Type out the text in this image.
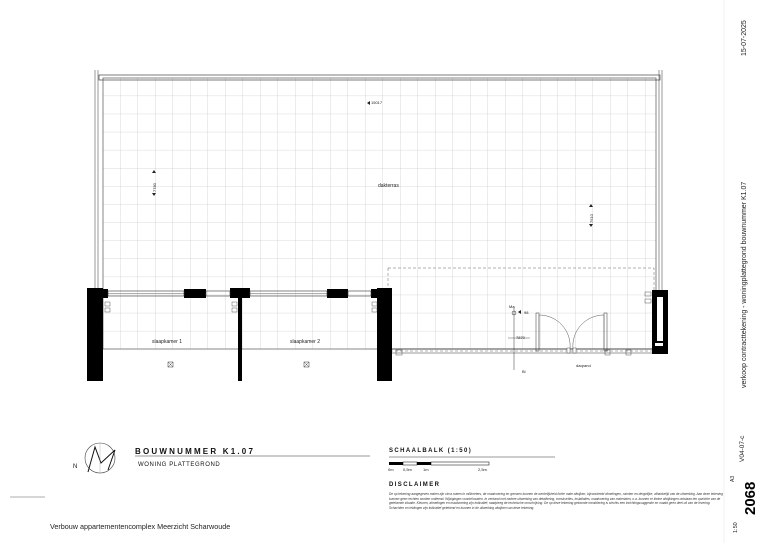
dakterras
slaapkamer 1	slaapkamer 2
daqrand
15017
7780
7510
7870
Ma
98
Bl
N
BOUWNUMMER K1.07
WONING PLATTEGROND
SCHAALBALK (1:50)
0m 0,5m	1m	2,5m
DISCLAIMER
De op tekening aangegeven maten zijn circa maten in millimeters, de maatvoering en grenzen kunnen de werkelijkheid lichte mate afwijken, bijvoorbeeld afmetingen, ruimten en dergelijke, afhankelijk van de uitwerking. Aan deze tekening kunnen geen rechten worden ontleend. Wijzigingen voorbehouden. In verband met nadere uitwerking van detaillering, constructies, installaties, maatvoering van materialen, o.a. kunnen er kleine afwijkingen ontstaan ten opzichte van de getekende situatie. Kleuren, afmetingen en maatvoering zijn indicatief; raadpleeg de technische omschrijving. De op deze tekening getoonde meubilering is slechts een inrichtingssuggestie en maakt geen deel uit van de levering. Schachten en leidingen zijn indicatief getekend en kunnen in de uitwerking afwijken van deze tekening.
Verbouw appartementencomplex Meerzicht Scharwoude
15-07-2025
verkoop contracttekening - woningplattegrond bouwnummer K1.07
V04-07-c
A3
1:50
2068
